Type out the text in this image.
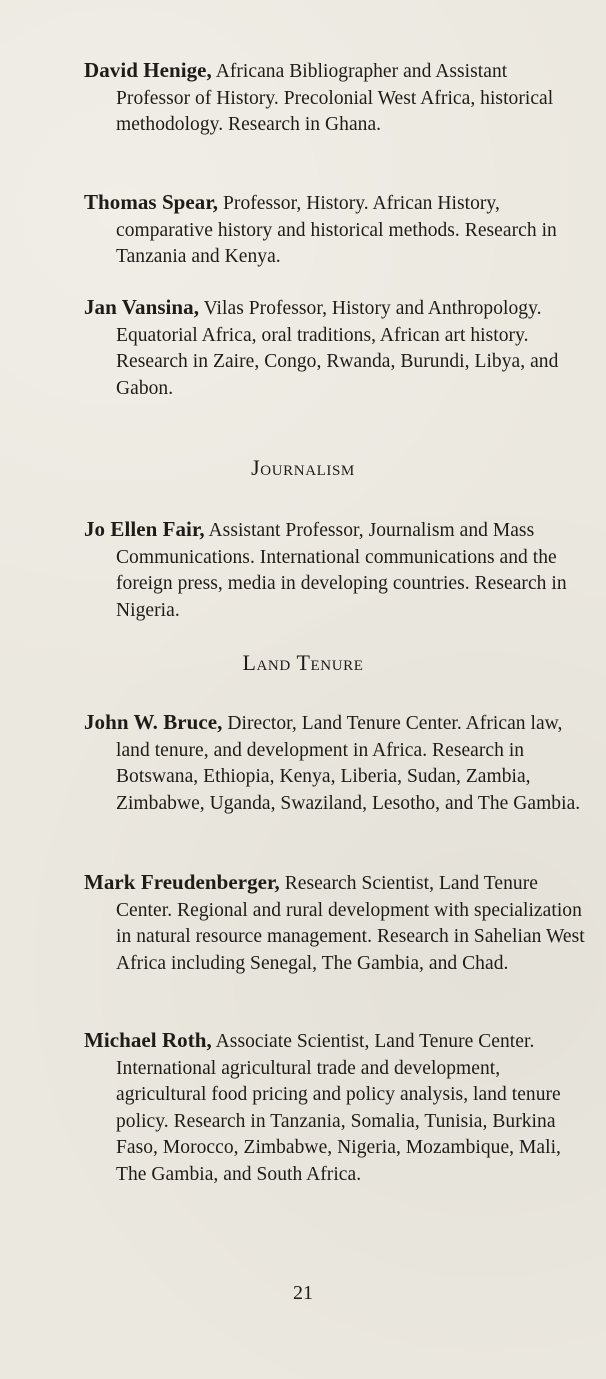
David Henige, Africana Bibliographer and Assistant Professor of History. Precolonial West Africa, historical methodology. Research in Ghana.
Thomas Spear, Professor, History. African History, comparative history and historical methods. Research in Tanzania and Kenya.
Jan Vansina, Vilas Professor, History and Anthropology. Equatorial Africa, oral traditions, African art history. Research in Zaire, Congo, Rwanda, Burundi, Libya, and Gabon.
Journalism
Jo Ellen Fair, Assistant Professor, Journalism and Mass Communications. International communications and the foreign press, media in developing countries. Research in Nigeria.
Land Tenure
John W. Bruce, Director, Land Tenure Center. African law, land tenure, and development in Africa. Research in Botswana, Ethiopia, Kenya, Liberia, Sudan, Zambia, Zimbabwe, Uganda, Swaziland, Lesotho, and The Gambia.
Mark Freudenberger, Research Scientist, Land Tenure Center. Regional and rural development with specialization in natural resource management. Research in Sahelian West Africa including Senegal, The Gambia, and Chad.
Michael Roth, Associate Scientist, Land Tenure Center. International agricultural trade and development, agricultural food pricing and policy analysis, land tenure policy. Research in Tanzania, Somalia, Tunisia, Burkina Faso, Morocco, Zimbabwe, Nigeria, Mozambique, Mali, The Gambia, and South Africa.
21
